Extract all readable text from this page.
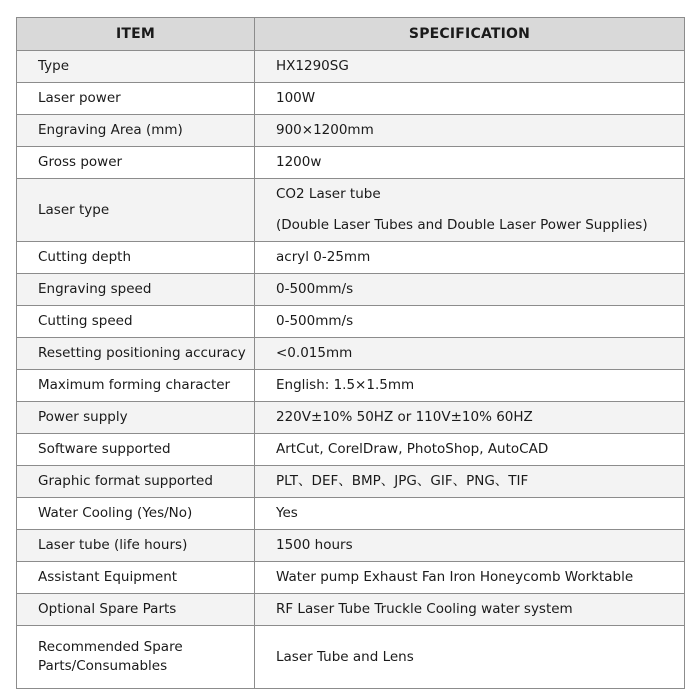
ITEM	SPECIFICATION

Type	HX1290SG

Laser power	100W

Engraving Area (mm)	900×1200mm

Gross power	1200w

Laser type	CO2 Laser tube
(Double Laser Tubes and Double Laser Power Supplies)

Cutting depth	acryl 0-25mm

Engraving speed	0-500mm/s

Cutting speed	0-500mm/s

Resetting positioning accuracy	<0.015mm

Maximum forming character	English: 1.5×1.5mm

Power supply	220V±10% 50HZ or 110V±10% 60HZ

Software supported	ArtCut, CorelDraw, PhotoShop, AutoCAD

Graphic format supported	PLT、DEF、BMP、JPG、GIF、PNG、TIF

Water Cooling (Yes/No)	Yes

Laser tube (life hours)	1500 hours

Assistant Equipment	Water pump Exhaust Fan Iron Honeycomb Worktable

Optional Spare Parts	RF Laser Tube Truckle Cooling water system

Recommended Spare
Parts/Consumables	Laser Tube and Lens
